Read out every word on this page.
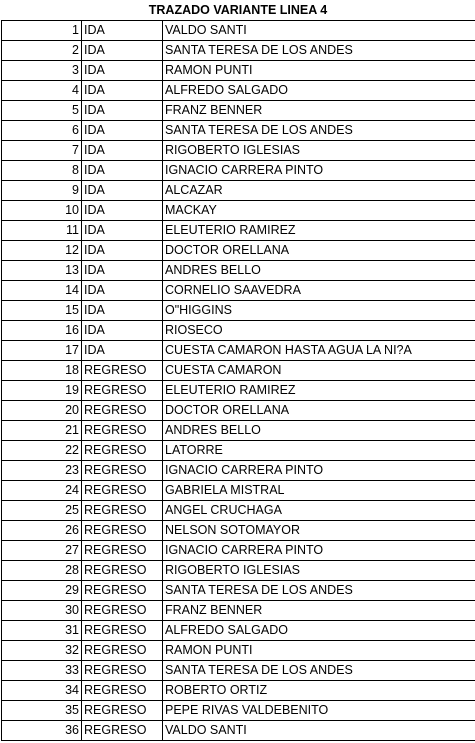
TRAZADO VARIANTE LINEA 4
1	IDA	VALDO SANTI
2	IDA	SANTA TERESA DE LOS ANDES
3	IDA	RAMON PUNTI
4	IDA	ALFREDO SALGADO
5	IDA	FRANZ BENNER
6	IDA	SANTA TERESA DE LOS ANDES
7	IDA	RIGOBERTO IGLESIAS
8	IDA	IGNACIO CARRERA PINTO
9	IDA	ALCAZAR
10	IDA	MACKAY
11	IDA	ELEUTERIO RAMIREZ
12	IDA	DOCTOR ORELLANA
13	IDA	ANDRES BELLO
14	IDA	CORNELIO SAAVEDRA
15	IDA	O"HIGGINS
16	IDA	RIOSECO
17	IDA	CUESTA CAMARON HASTA AGUA LA NI?A
18	REGRESO	CUESTA CAMARON
19	REGRESO	ELEUTERIO RAMIREZ
20	REGRESO	DOCTOR ORELLANA
21	REGRESO	ANDRES BELLO
22	REGRESO	LATORRE
23	REGRESO	IGNACIO CARRERA PINTO
24	REGRESO	GABRIELA MISTRAL
25	REGRESO	ANGEL CRUCHAGA
26	REGRESO	NELSON SOTOMAYOR
27	REGRESO	IGNACIO CARRERA PINTO
28	REGRESO	RIGOBERTO IGLESIAS
29	REGRESO	SANTA TERESA DE LOS ANDES
30	REGRESO	FRANZ BENNER
31	REGRESO	ALFREDO SALGADO
32	REGRESO	RAMON PUNTI
33	REGRESO	SANTA TERESA DE LOS ANDES
34	REGRESO	ROBERTO ORTIZ
35	REGRESO	PEPE RIVAS VALDEBENITO
36	REGRESO	VALDO SANTI
